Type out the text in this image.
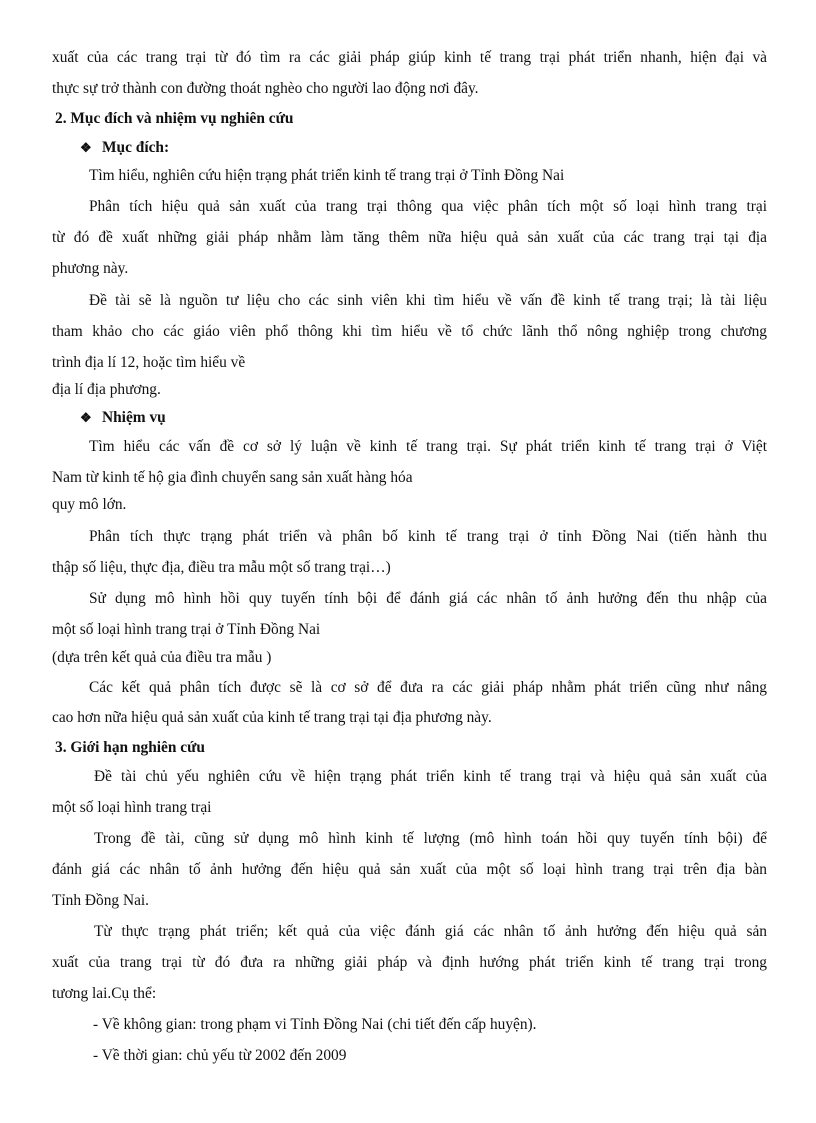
xuất của các trang trại từ đó tìm ra các giải pháp giúp kinh tế trang trại phát triển nhanh, hiện đại và
thực sự trở thành con đường thoát nghèo cho người lao động nơi đây.
2. Mục đích và nhiệm vụ nghiên cứu
❖ Mục đích:
Tìm hiểu, nghiên cứu hiện trạng phát triển kinh tế trang trại ở Tỉnh Đồng Nai
Phân tích hiệu quả sản xuất của trang trại thông qua việc phân tích một số loại hình trang trại
từ đó đề xuất những giải pháp nhằm làm tăng thêm nữa hiệu quả sản xuất của các trang trại tại địa
phương này.
Đề tài sẽ là nguồn tư liệu cho các sinh viên khi tìm hiểu về vấn đề kinh tế trang trại; là tài liệu
tham khảo cho các giáo viên phổ thông khi tìm hiểu về tổ chức lãnh thổ nông nghiệp trong chương
trình địa lí 12, hoặc tìm hiểu về
địa lí địa phương.
❖ Nhiệm vụ
Tìm hiểu các vấn đề cơ sở lý luận về kinh tế trang trại. Sự phát triển kinh tế trang trại ở Việt
Nam từ kinh tế hộ gia đình chuyển sang sản xuất hàng hóa
quy mô lớn.
Phân tích thực trạng phát triển và phân bố kinh tế trang trại ở tỉnh Đồng Nai (tiến hành thu
thập số liệu, thực địa, điều tra mẫu một số trang trại…)
Sử dụng mô hình hồi quy tuyến tính bội để đánh giá các nhân tố ảnh hưởng đến thu nhập của
một số loại hình trang trại ở Tỉnh Đồng Nai
(dựa trên kết quả của điều tra mẫu )
Các kết quả phân tích được sẽ là cơ sở để đưa ra các giải pháp nhằm phát triển cũng như nâng
cao hơn nữa hiệu quả sản xuất của kinh tế trang trại tại địa phương này.
3. Giới hạn nghiên cứu
Đề tài chủ yếu nghiên cứu về hiện trạng phát triển kinh tế trang trại và hiệu quả sản xuất của
một số loại hình trang trại
Trong đề tài, cũng sử dụng mô hình kinh tế lượng (mô hình toán hồi quy tuyến tính bội) để
đánh giá các nhân tố ảnh hưởng đến hiệu quả sản xuất của một số loại hình trang trại trên địa bàn
Tỉnh Đồng Nai.
Từ thực trạng phát triển; kết quả của việc đánh giá các nhân tố ảnh hưởng đến hiệu quả sản
xuất của trang trại từ đó đưa ra những giải pháp và định hướng phát triển kinh tế trang trại trong
tương lai.Cụ thể:
- Về không gian: trong phạm vi Tỉnh Đồng Nai (chi tiết đến cấp huyện).
- Về thời gian: chủ yếu từ 2002 đến 2009
